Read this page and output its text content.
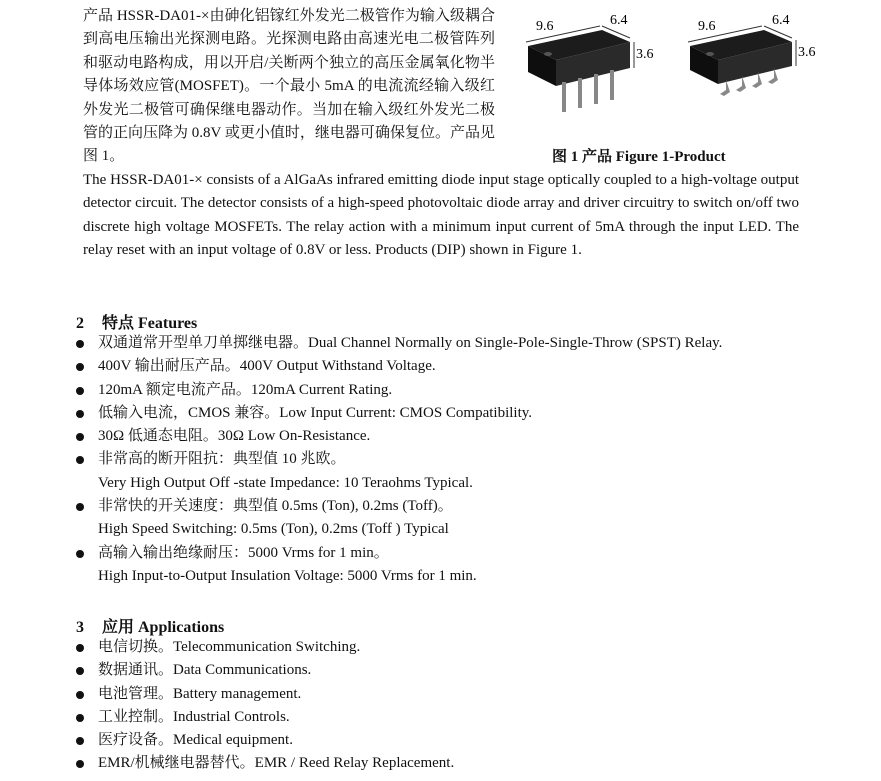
产品 HSSR-DA01-×由砷化铝镓红外发光二极管作为输入级耦合到高电压输出光探测电路。光探测电路由高速光电二极管阵列和驱动电路构成，用以开启/关断两个独立的高压金属氧化物半导体场效应管(MOSFET)。一个最小 5mA 的电流流经输入级红外发光二极管可确保继电器动作。当加在输入级红外发光二极管的正向压降为 0.8V 或更小值时，继电器可确保复位。产品见图 1。
9.6	6.4
3.6
9.6	6.4
3.6
图 1 产品 Figure 1-Product
The HSSR-DA01-× consists of a AlGaAs infrared emitting diode input stage optically coupled to a high-voltage output detector circuit. The detector consists of a high-speed photovoltaic diode array and driver circuitry to switch on/off two discrete high voltage MOSFETs. The relay action with a minimum input current of 5mA through the input LED. The relay reset with an input voltage of 0.8V or less. Products (DIP) shown in Figure 1.
2 特点 Features
双通道常开型单刀单掷继电器。Dual Channel Normally on Single-Pole-Single-Throw (SPST) Relay.
400V 输出耐压产品。400V Output Withstand Voltage.
120mA 额定电流产品。120mA Current Rating.
低输入电流，CMOS 兼容。Low Input Current: CMOS Compatibility.
30Ω 低通态电阻。30Ω Low On-Resistance.
非常高的断开阻抗：典型值 10 兆欧。
Very High Output Off -state Impedance: 10 Teraohms Typical.
非常快的开关速度：典型值 0.5ms (Ton), 0.2ms (Toff)。
High Speed Switching: 0.5ms (Ton), 0.2ms (Toff ) Typical
高输入输出绝缘耐压：5000 Vrms for 1 min。
High Input-to-Output Insulation Voltage: 5000 Vrms for 1 min.
3 应用 Applications
电信切换。Telecommunication Switching.
数据通讯。Data Communications.
电池管理。Battery management.
工业控制。Industrial Controls.
医疗设备。Medical equipment.
EMR/机械继电器替代。EMR / Reed Relay Replacement.
